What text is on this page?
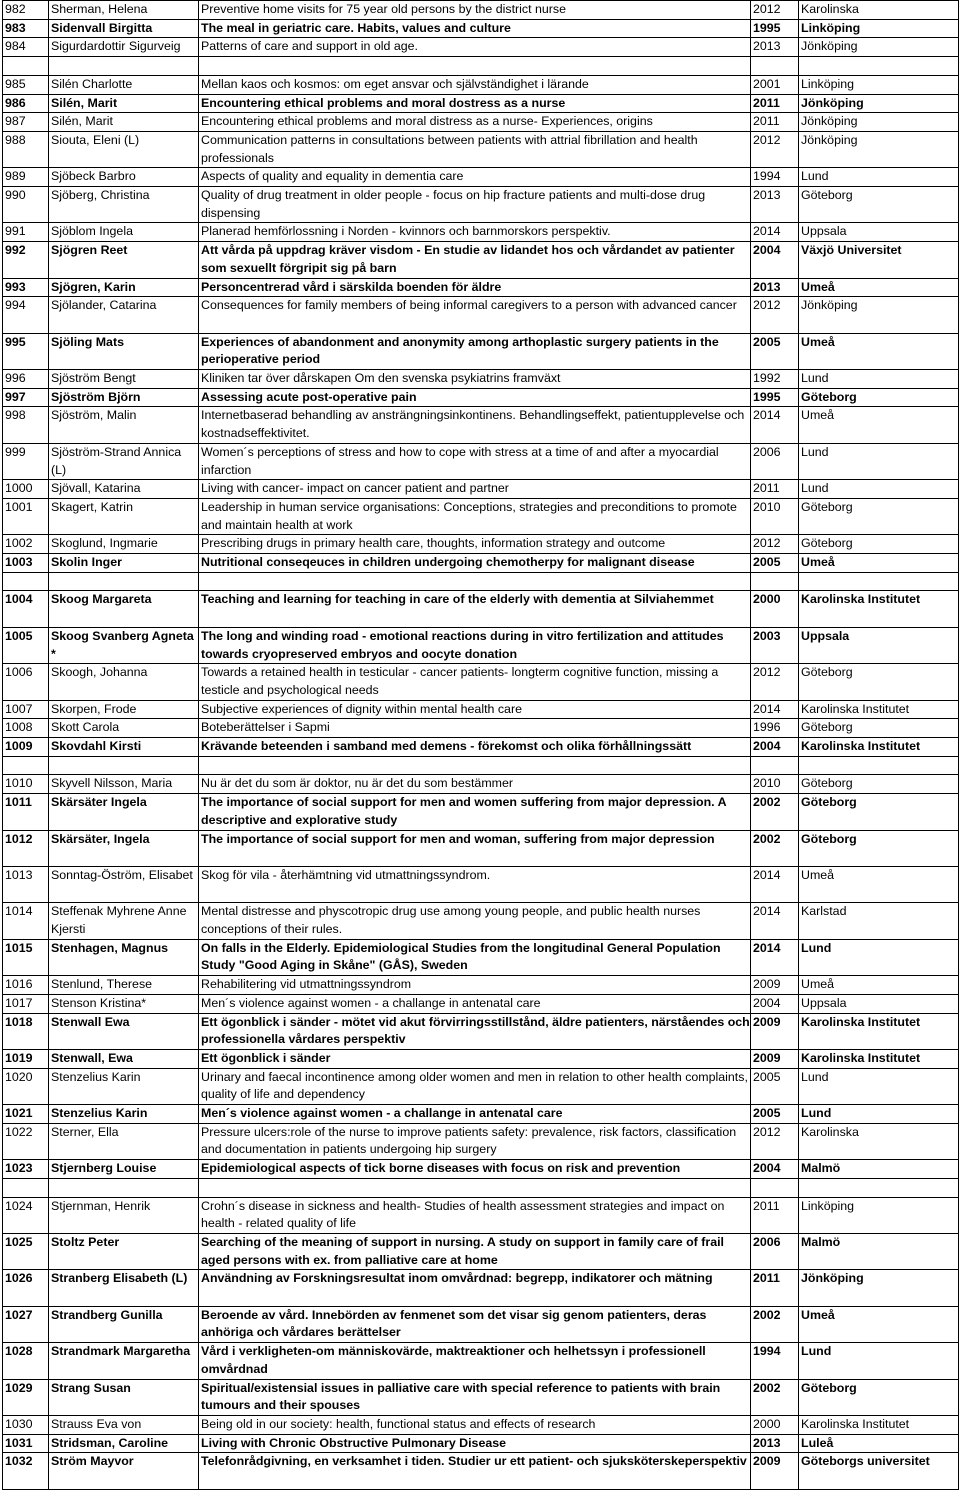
982	Sherman, Helena	Preventive home visits for 75 year old persons by the district nurse	2012	Karolinska
983	Sidenvall Birgitta	The meal in geriatric care. Habits, values and culture	1995	Linköping
984	Sigurdardottir Sigurveig	Patterns of care and support in old age.	2013	Jönköping

985	Silén Charlotte	Mellan kaos och kosmos: om eget ansvar och självständighet i lärande	2001	Linköping
986	Silén, Marit	Encountering ethical problems and moral dostress as a nurse	2011	Jönköping
987	Silén, Marit	Encountering ethical problems and moral distress as a nurse- Experiences, origins	2011	Jönköping
988	Siouta, Eleni (L)	Communication patterns in consultations between patients with attrial fibrillation and health professionals	2012	Jönköping
989	Sjöbeck Barbro	Aspects of quality and equality in dementia care	1994	Lund
990	Sjöberg, Christina	Quality of drug treatment in older people - focus on hip fracture patients and multi-dose drug dispensing	2013	Göteborg
991	Sjöblom Ingela	Planerad hemförlossning i Norden - kvinnors och barnmorskors perspektiv.	2014	Uppsala
992	Sjögren Reet	Att vårda på uppdrag kräver visdom - En studie av lidandet hos och vårdandet av patienter som sexuellt förgripit sig på barn	2004	Växjö Universitet
993	Sjögren, Karin	Personcentrerad vård i särskilda boenden för äldre	2013	Umeå
994	Sjölander, Catarina	Consequences for family members of being informal caregivers to a person with advanced cancer	2012	Jönköping
995	Sjöling Mats	Experiences of abandonment and anonymity among arthoplastic surgery patients in the perioperative period	2005	Umeå
996	Sjöström Bengt	Kliniken tar över dårskapen Om den svenska psykiatrins framväxt	1992	Lund
997	Sjöström Björn	Assessing acute post-operative pain	1995	Göteborg
998	Sjöström, Malin	Internetbaserad behandling av ansträngningsinkontinens. Behandlingseffekt, patientupplevelse och kostnadseffektivitet.	2014	Umeå
999	Sjöström-Strand Annica (L)	Women´s perceptions of stress and how to cope with stress at a time of and after a myocardial infarction	2006	Lund
1000	Sjövall, Katarina	Living with cancer- impact on cancer patient and partner	2011	Lund
1001	Skagert, Katrin	Leadership in human service organisations: Conceptions, strategies and preconditions to promote and maintain health at work	2010	Göteborg
1002	Skoglund, Ingmarie	Prescribing drugs in primary health care, thoughts, information strategy and outcome	2012	Göteborg
1003	Skolin Inger	Nutritional conseqeuces in children undergoing chemotherpy for malignant disease	2005	Umeå

1004	Skoog Margareta	Teaching and learning for teaching in care of the elderly with dementia at Silviahemmet	2000	Karolinska Institutet
1005	Skoog Svanberg Agneta *	The long and winding road - emotional reactions during in vitro fertilization and attitudes towards cryopreserved embryos and oocyte donation	2003	Uppsala
1006	Skoogh, Johanna	Towards a retained health in testicular - cancer patients- longterm cognitive function, missing a testicle and psychological needs	2012	Göteborg
1007	Skorpen, Frode	Subjective experiences of dignity within mental health care	2014	Karolinska Institutet
1008	Skott Carola	Boteberättelser i Sapmi	1996	Göteborg
1009	Skovdahl Kirsti	Krävande beteenden i samband med demens - förekomst och olika förhållningssätt	2004	Karolinska Institutet

1010	Skyvell Nilsson, Maria	Nu är det du som är doktor, nu är det du som bestämmer	2010	Göteborg
1011	Skärsäter Ingela	The importance of social support for men and women suffering from major depression. A descriptive and explorative study	2002	Göteborg
1012	Skärsäter, Ingela	The importance of social support for men and woman, suffering from major depression	2002	Göteborg
1013	Sonntag-Öström, Elisabet	Skog för vila - återhämtning vid utmattningssyndrom.	2014	Umeå
1014	Steffenak Myhrene Anne Kjersti	Mental distresse and physcotropic drug use among young people, and public health nurses conceptions of their rules.	2014	Karlstad
1015	Stenhagen, Magnus	On falls in the Elderly. Epidemiological Studies from the longitudinal General Population Study "Good Aging in Skåne" (GÅS), Sweden	2014	Lund
1016	Stenlund, Therese	Rehabilitering vid utmattningssyndrom	2009	Umeå
1017	Stenson Kristina*	Men´s violence against women - a challange in antenatal care	2004	Uppsala
1018	Stenwall Ewa	Ett ögonblick i sänder - mötet vid akut förvirringsstillstånd, äldre patienters, närståendes och professionella vårdares perspektiv	2009	Karolinska Institutet
1019	Stenwall, Ewa	Ett ögonblick i sänder	2009	Karolinska Institutet
1020	Stenzelius Karin	Urinary and faecal incontinence among older women and men in relation to other health complaints, quality of life and dependency	2005	Lund
1021	Stenzelius Karin	Men´s violence against women - a challange in antenatal care	2005	Lund
1022	Sterner, Ella	Pressure ulcers:role of the nurse to improve patients safety: prevalence, risk factors, classification and documentation in patients undergoing hip surgery	2012	Karolinska
1023	Stjernberg Louise	Epidemiological aspects of tick borne diseases with focus on risk and prevention	2004	Malmö

1024	Stjernman, Henrik	Crohn´s disease in sickness and health- Studies of health assessment strategies and impact on health - related quality of life	2011	Linköping
1025	Stoltz Peter	Searching of the meaning of support in nursing. A study on support in family care of frail aged persons with ex. from palliative care at home	2006	Malmö
1026	Stranberg Elisabeth (L)	Användning av Forskningsresultat inom omvårdnad: begrepp, indikatorer och mätning	2011	Jönköping
1027	Strandberg Gunilla	Beroende av vård. Innebörden av fenmenet som det visar sig genom patienters, deras anhöriga och vårdares berättelser	2002	Umeå
1028	Strandmark Margaretha	Vård i verkligheten-om människovärde, maktreaktioner och helhetssyn i professionell omvårdnad	1994	Lund
1029	Strang Susan	Spiritual/existensial issues in palliative care with special reference to patients with brain tumours and their spouses	2002	Göteborg
1030	Strauss Eva von	Being old in our society: health, functional status and effects of research	2000	Karolinska Institutet
1031	Stridsman, Caroline	Living with Chronic Obstructive Pulmonary Disease	2013	Luleå
1032	Ström Mayvor	Telefonrådgivning, en verksamhet i tiden. Studier ur ett patient- och sjuksköterskeperspektiv	2009	Göteborgs universitet
